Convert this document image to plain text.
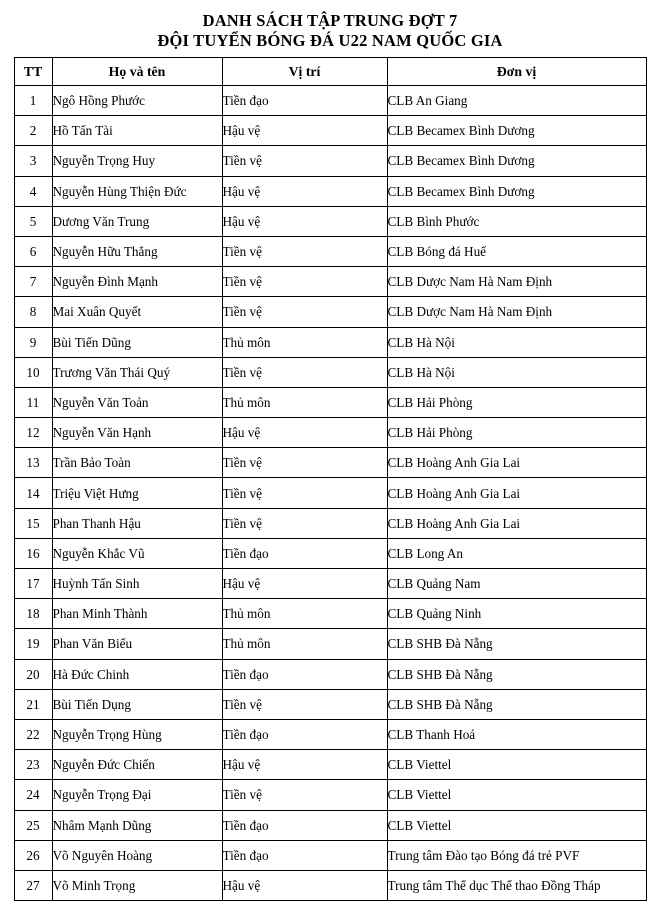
DANH SÁCH TẬP TRUNG ĐỢT 7
ĐỘI TUYỂN BÓNG ĐÁ U22 NAM QUỐC GIA
TT	Họ và tên	Vị trí	Đơn vị
1	Ngô Hồng Phước	Tiền đạo	CLB An Giang
2	Hồ Tấn Tài	Hậu vệ	CLB Becamex Bình Dương
3	Nguyễn Trọng Huy	Tiền vệ	CLB Becamex Bình Dương
4	Nguyễn Hùng Thiện Đức	Hậu vệ	CLB Becamex Bình Dương
5	Dương Văn Trung	Hậu vệ	CLB Bình Phước
6	Nguyễn Hữu Thắng	Tiền vệ	CLB Bóng đá Huế
7	Nguyễn Đình Mạnh	Tiền vệ	CLB Dược Nam Hà Nam Định
8	Mai Xuân Quyết	Tiền vệ	CLB Dược Nam Hà Nam Định
9	Bùi Tiến Dũng	Thủ môn	CLB Hà Nội
10	Trương Văn Thái Quý	Tiền vệ	CLB Hà Nội
11	Nguyễn Văn Toản	Thủ môn	CLB Hải Phòng
12	Nguyễn Văn Hạnh	Hậu vệ	CLB Hải Phòng
13	Trần Bảo Toàn	Tiền vệ	CLB Hoàng Anh Gia Lai
14	Triệu Việt Hưng	Tiền vệ	CLB Hoàng Anh Gia Lai
15	Phan Thanh Hậu	Tiền vệ	CLB Hoàng Anh Gia Lai
16	Nguyễn Khắc Vũ	Tiền đạo	CLB Long An
17	Huỳnh Tấn Sinh	Hậu vệ	CLB Quảng Nam
18	Phan Minh Thành	Thủ môn	CLB Quảng Ninh
19	Phan Văn Biểu	Thủ môn	CLB SHB Đà Nẵng
20	Hà Đức Chinh	Tiền đạo	CLB SHB Đà Nẵng
21	Bùi Tiến Dụng	Tiền vệ	CLB SHB Đà Nẵng
22	Nguyễn Trọng Hùng	Tiền đạo	CLB Thanh Hoá
23	Nguyễn Đức Chiến	Hậu vệ	CLB Viettel
24	Nguyễn Trọng Đại	Tiền vệ	CLB Viettel
25	Nhâm Mạnh Dũng	Tiền đạo	CLB Viettel
26	Võ Nguyên Hoàng	Tiền đạo	Trung tâm Đào tạo Bóng đá trẻ PVF
27	Võ Minh Trọng	Hậu vệ	Trung tâm Thể dục Thể thao Đồng Tháp
